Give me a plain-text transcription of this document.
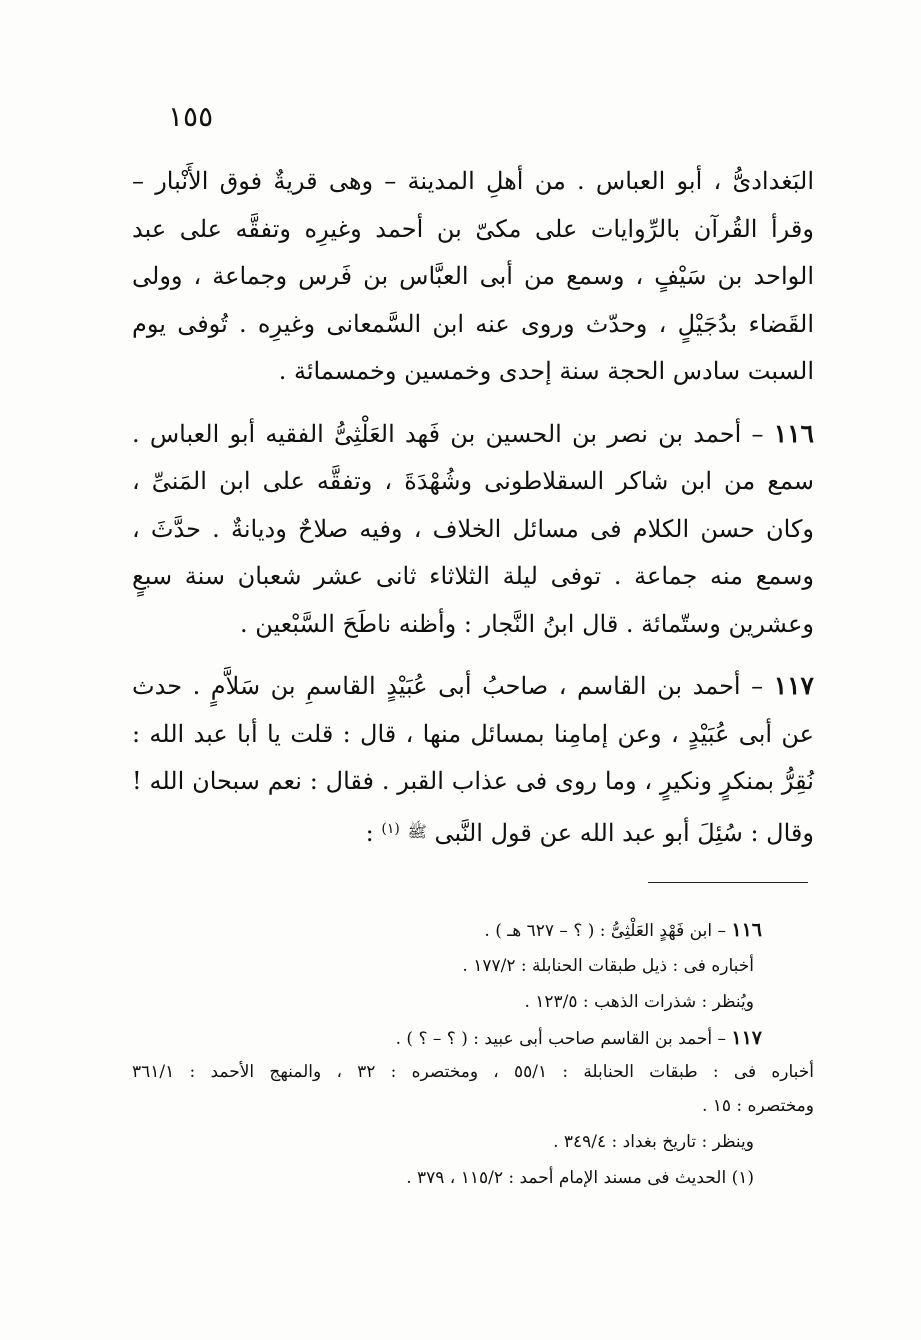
١٥٥

البَغدادىُّ ، أبو العباس . من أهلِ المدينة – وهى قريةٌ فوق الأَنْبار – وقرأ القُرآن بالرِّوايات على مكىّ بن أحمد وغيرِه وتفقَّه على عبد الواحد بن سَيْفٍ ، وسمع من أبى العبَّاس بن فَرس وجماعة ، وولى القَضاء بدُجَيْلٍ ، وحدّث وروى عنه ابن السَّمعانى وغيرِه . تُوفى يوم السبت سادس الحجة سنة إحدى وخمسين وخمسمائة .

١١٦ – أحمد بن نصر بن الحسين بن فَهد العَلْثِىُّ الفقيه أبو العباس . سمع من ابن شاكر السقلاطونى وشُهْدَةَ ، وتفقَّه على ابن المَنىِّ ، وكان حسن الكلام فى مسائل الخلاف ، وفيه صلاحٌ وديانةٌ . حدَّثَ ، وسمع منه جماعة . توفى ليلة الثلاثاء ثانى عشر شعبان سنة سبعٍ وعشرين وستّمائة . قال ابنُ النَّجار : وأظنه ناطَحَ السَّبْعين .

١١٧ – أحمد بن القاسم ، صاحبُ أبى عُبَيْدٍ القاسمِ بن سَلاَّمٍ . حدث عن أبى عُبَيْدٍ ، وعن إمامِنا بمسائل منها ، قال : قلت يا أبا عبد الله : نُقِرُّ بمنكرٍ ونكيرٍ ، وما روى فى عذاب القبر . فقال : نعم سبحان الله ! وقال : سُئِلَ أبو عبد الله عن قول النَّبى ﷺ $^{(١)}$ :

١١٦ – ابن فَهْدٍ العَلْثِىُّ : ( ؟ – ٦٢٧ هـ ) .
أخباره فى : ذيل طبقات الحنابلة : ١٧٧/٢ .
ويُنظر : شذرات الذهب : ١٢٣/٥ .
١١٧ – أحمد بن القاسم صاحب أبى عبيد : ( ؟ – ؟ ) .
أخباره فى : طبقات الحنابلة : ٥٥/١ ، ومختصره : ٣٢ ، والمنهج الأحمد : ٣٦١/١
ومختصره : ١٥ .
وينظر : تاريخ بغداد : ٣٤٩/٤ .
(١) الحديث فى مسند الإمام أحمد : ١١٥/٢ ، ٣٧٩ .
